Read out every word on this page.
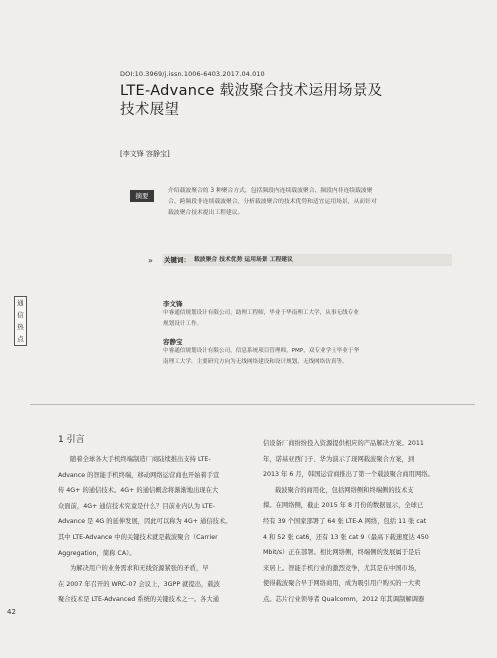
DOI:10.3969/j.issn.1006-6403.2017.04.010
LTE-Advance 载波聚合技术运用场景及
技术展望
[李文锋 容静宝]
摘要
介绍载波聚合的 3 种聚合方式，包括频段内连续载波聚合、频段内非连续载波聚
合、跨频段非连续载波聚合，分析载波聚合的技术优势和适宜运用场景，从而针对
载波聚合技术提出工程建议。
» 关键词： 载波聚合 技术优势 运用场景 工程建议
通
信
热
点
李文锋
中睿通信规划设计有限公司，助理工程师，毕业于华南理工大学，从事无线专业
规划设计工作。
容静宝
中睿通信规划设计有限公司，信息系统项目管理师，PMP，双专业学士毕业于华
南理工大学，主要研究方向为无线网络建设和设计规划、无线网络仿真等。
1 引言
随着全球各大手机终端制造厂商陆续推出支持 LTE-
Advance 的智能手机终端，移动网络运营商也开始着手宣
传 4G+ 的通信技术。4G+ 的通信概念将渐渐地出现在大
众面前，4G+ 通信技术究竟是什么？目前业内认为 LTE-
Advance 是 4G 的延伸发展，因此可以称为 4G+ 通信技术。
其中 LTE-Advance 中的关键技术就是载波聚合（Carrier
Aggregation，简称 CA）。
为解决用户的业务需求和无线资源紧张的矛盾，早
在 2007 年召开的 WRC-07 会议上，3GPP 就提出，载波
聚合技术是 LTE-Advanced 系统的关键技术之一。各大通
信设备厂商纷纷投入资源提供相应的产品解决方案。2011
年，诺基亚西门子、华为演示了现网载波聚合方案，到
2013 年 6 月，韩国运营商推出了第一个载波聚合商用网络。
载波聚合的商用化，包括网络侧和终端侧的技术支
撑。在网络侧，截止 2015 年 8 月份的数据显示，全球已
经有 39 个国家部署了 64 张 LTE-A 网络，包括 11 张 cat
4 和 52 张 cat6，还有 13 张 cat 9（最高下载速度达 450
Mbit/s）正在部署。相比网络侧，终端侧的发展属于是后
来居上。智能手机行业的激烈竞争，尤其是在中国市场，
使得载波聚合早于网络商用，成为吸引用户购买的一大卖
点。芯片行业领导者 Qualcomm，2012 年其调制解调器
42
